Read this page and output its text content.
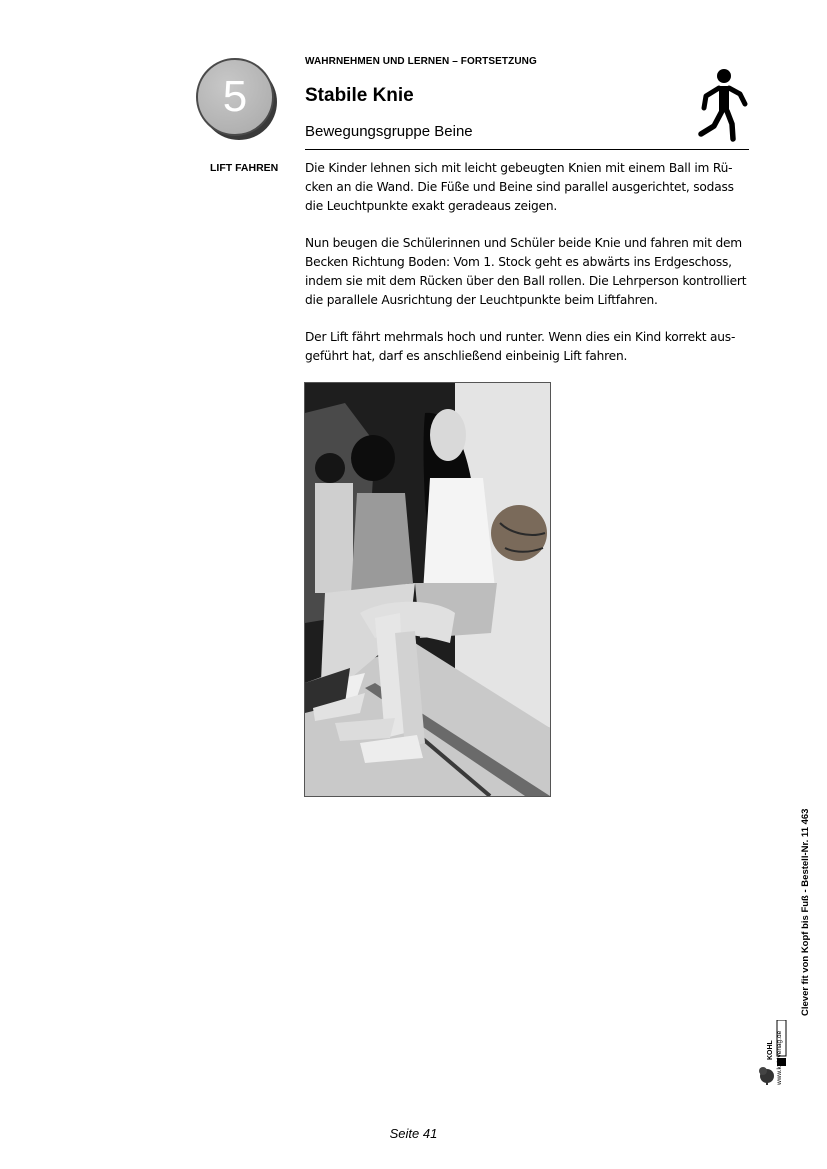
5
WAHRNEHMEN UND LERNEN – FORTSETZUNG
Stabile Knie
Bewegungsgruppe Beine
LIFT FAHREN Die Kinder lehnen sich mit leicht gebeugten Knien mit einem Ball im Rü-
cken an die Wand. Die Füße und Beine sind parallel ausgerichtet, sodass
die Leuchtpunkte exakt geradeaus zeigen.

Nun beugen die Schülerinnen und Schüler beide Knie und fahren mit dem
Becken Richtung Boden: Vom 1. Stock geht es abwärts ins Erdgeschoss,
indem sie mit dem Rücken über den Ball rollen. Die Lehrperson kontrolliert
die parallele Ausrichtung der Leuchtpunkte beim Liftfahren.

Der Lift fährt mehrmals hoch und runter. Wenn dies ein Kind korrekt aus-
geführt hat, darf es anschließend einbeinig Lift fahren.

KOHL www.kohlverlag.de
Clever fit von Kopf bis Fuß - Bestell-Nr. 11 463
Seite 41
